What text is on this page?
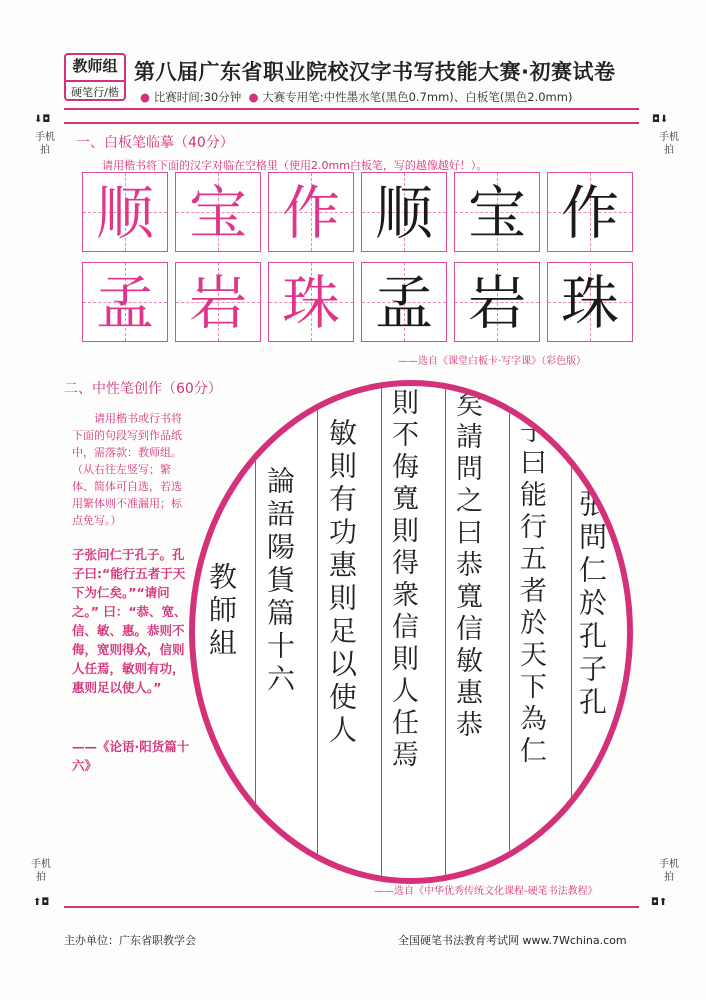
教师组
硬笔行/楷
第八届广东省职业院校汉字书写技能大赛·初赛试卷
● 比赛时间:30分钟  ● 大赛专用笔:中性墨水笔(黑色0.7mm)、白板笔(黑色2.0mm)
⬇◘
手机拍
◘⬇
手机拍
手机拍
⬆◘
手机拍
◘⬆
一、白板笔临摹（40分）
请用楷书将下面的汉字对临在空格里（使用2.0mm白板笔，写的越像越好！）。
顺 宝 作 顺 宝 作
孟 岩 珠 孟 岩 珠
——选自《课堂白板卡·写字课》（彩色版）
二、中性笔创作（60分）
请用楷书或行书将下面的句段写到作品纸中，需落款：教师组。（从右往左竖写；繁体、简体可自选，若选用繁体则不准漏用；标点免写。）
子张问仁于孔子。孔子曰:“能行五者于天下为仁矣。”“请问之。” 曰：“恭、宽、信、敏、惠。恭则不侮，宽则得众，信则人任焉，敏则有功，惠则足以使人。”
——《论语·阳货篇十六》
子張問仁於孔子孔
子曰能行五者於天下為仁
矣請問之曰恭寬信敏惠恭
則不侮寬則得衆信則人任焉
敏則有功惠則足以使人
論語陽貨篇十六
教師組
——选自《中华优秀传统文化课程-硬笔书法教程》
主办单位：广东省职教学会	全国硬笔书法教育考试网 www.7Wchina.com
